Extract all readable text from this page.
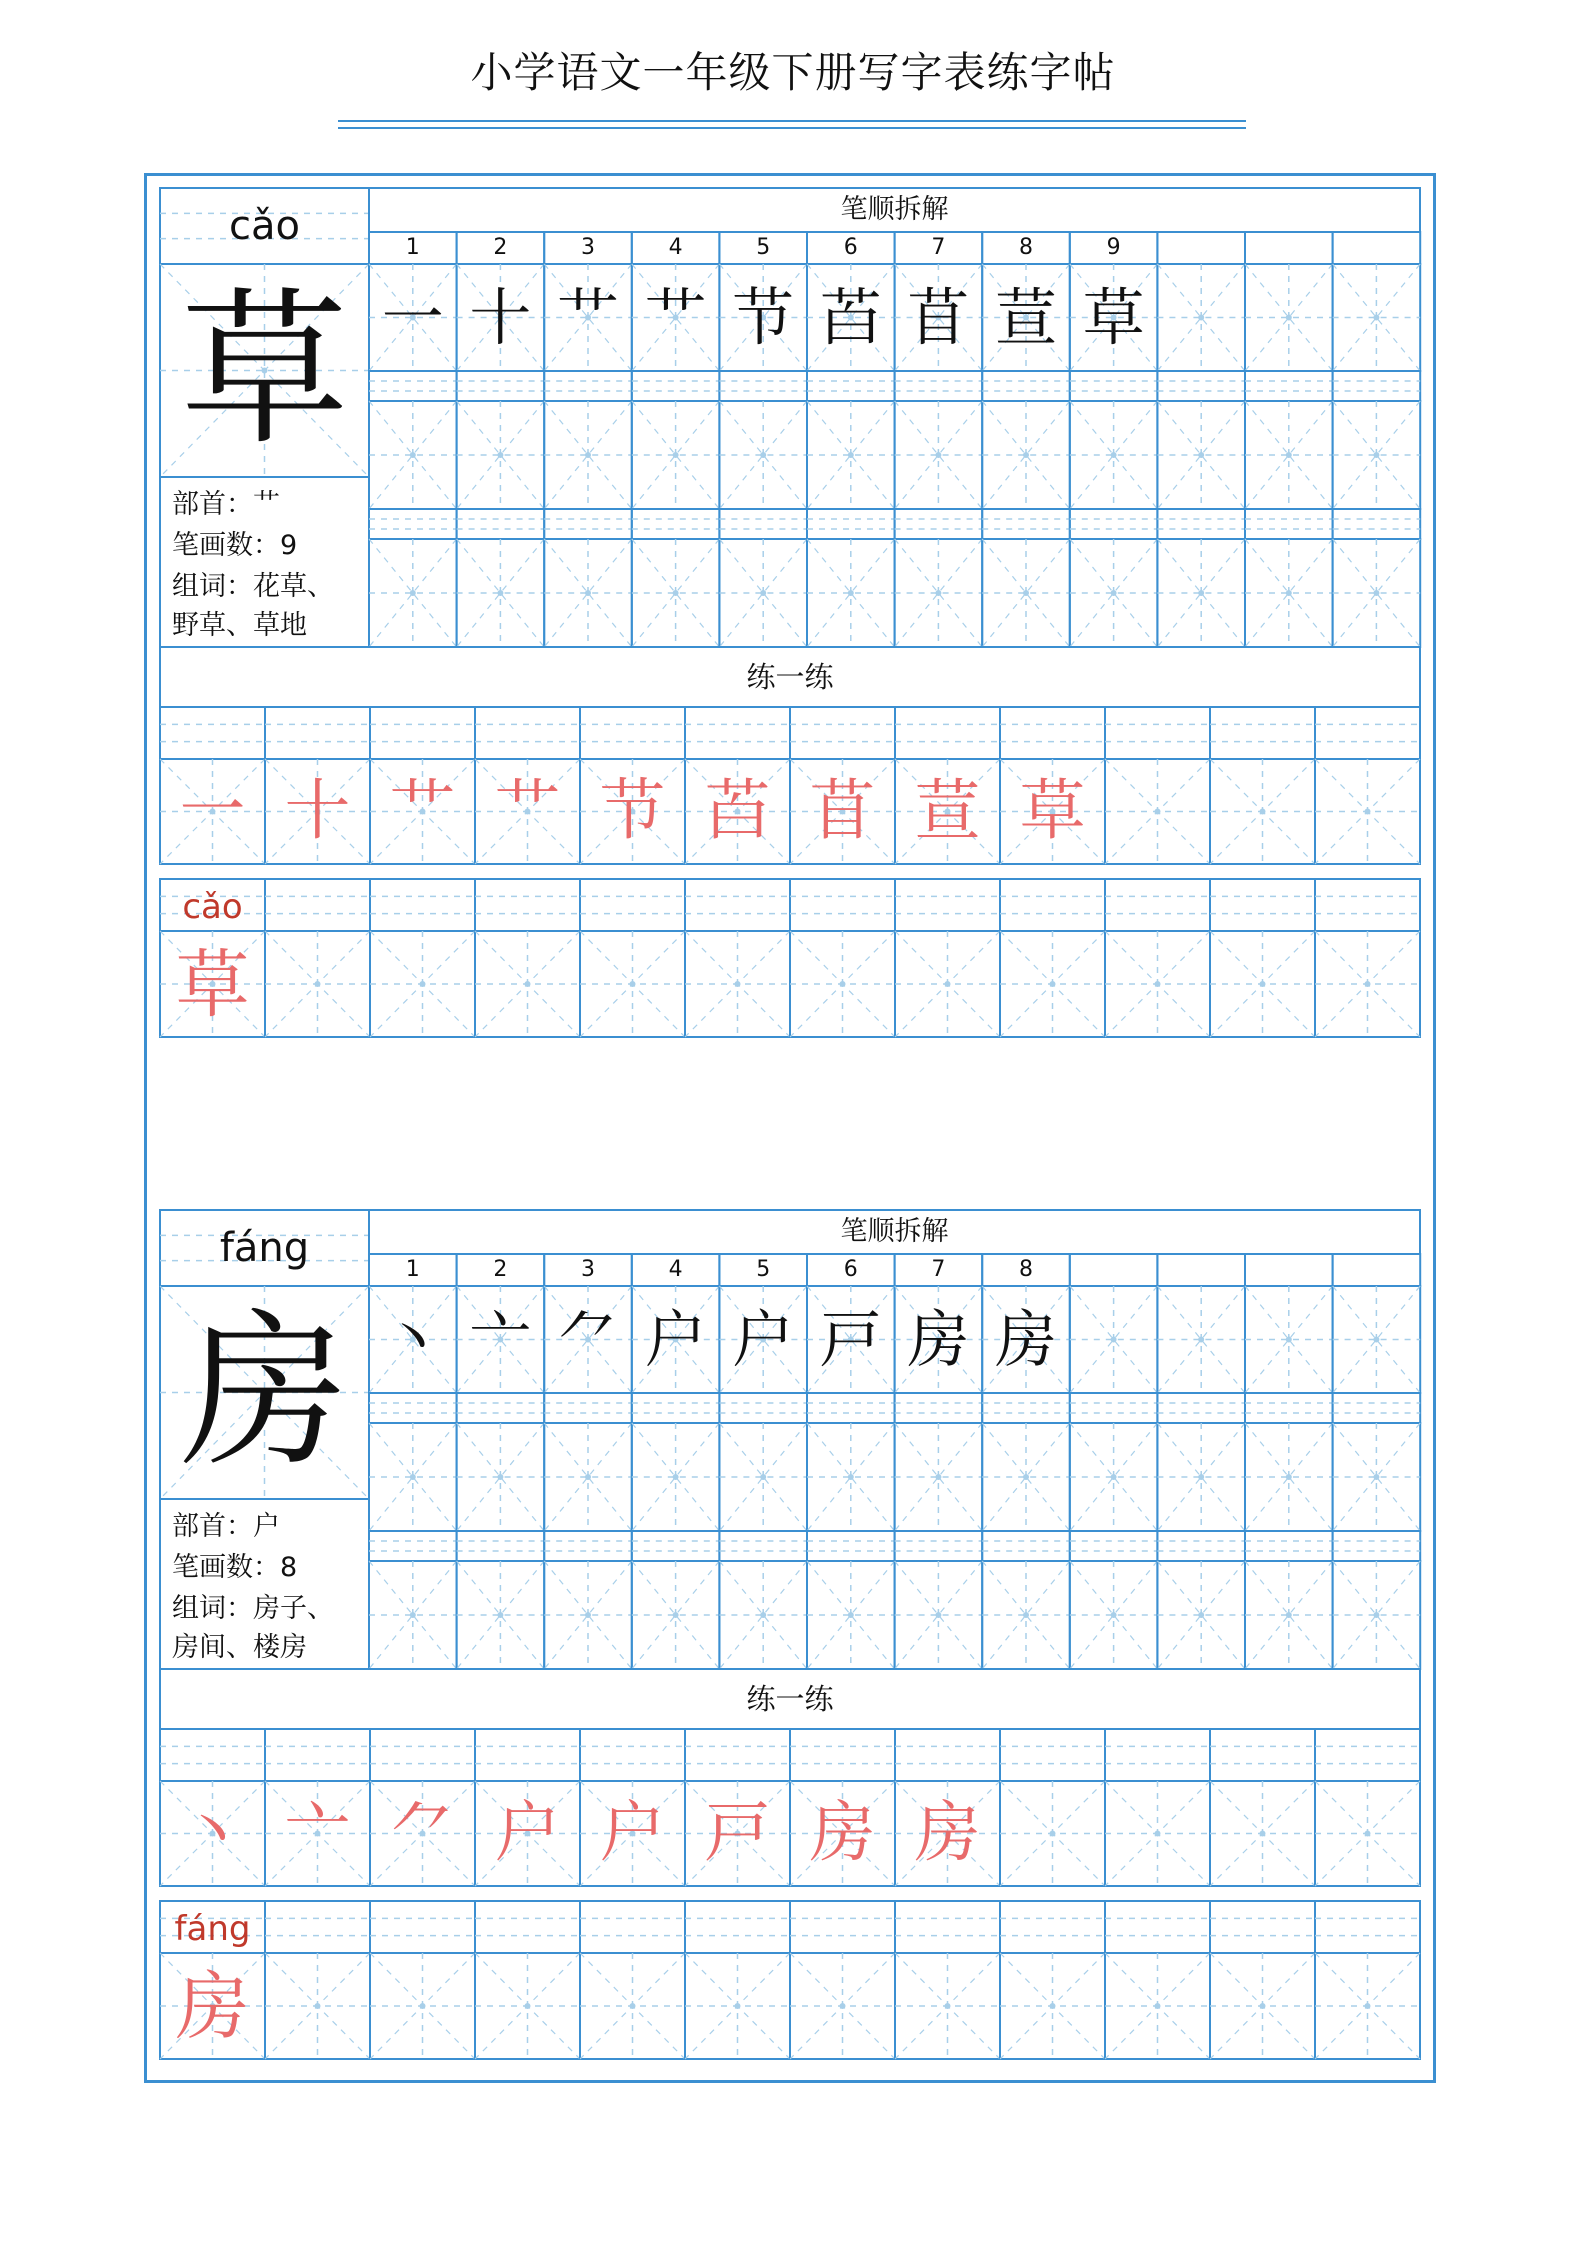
小学语文一年级下册写字表练字帖
cǎo
草
部首：艹
笔画数：9
组词：花草、
野草、草地
笔顺拆解
1	2	3	4	5	6	7	8	9
一 十 艹 艹 节 苩 苜 荁 草
练一练
一 十 艹 艹 节 苩 苜 荁 草
cǎo
草
fáng
房
部首：户
笔画数：8
组词：房子、
房间、楼房
笔顺拆解
1	2	3	4	5	6	7	8
丶 亠 ⺈ 户 户 戸 房 房
练一练
丶 亠 ⺈ 户 户 戸 房 房
fáng
房
